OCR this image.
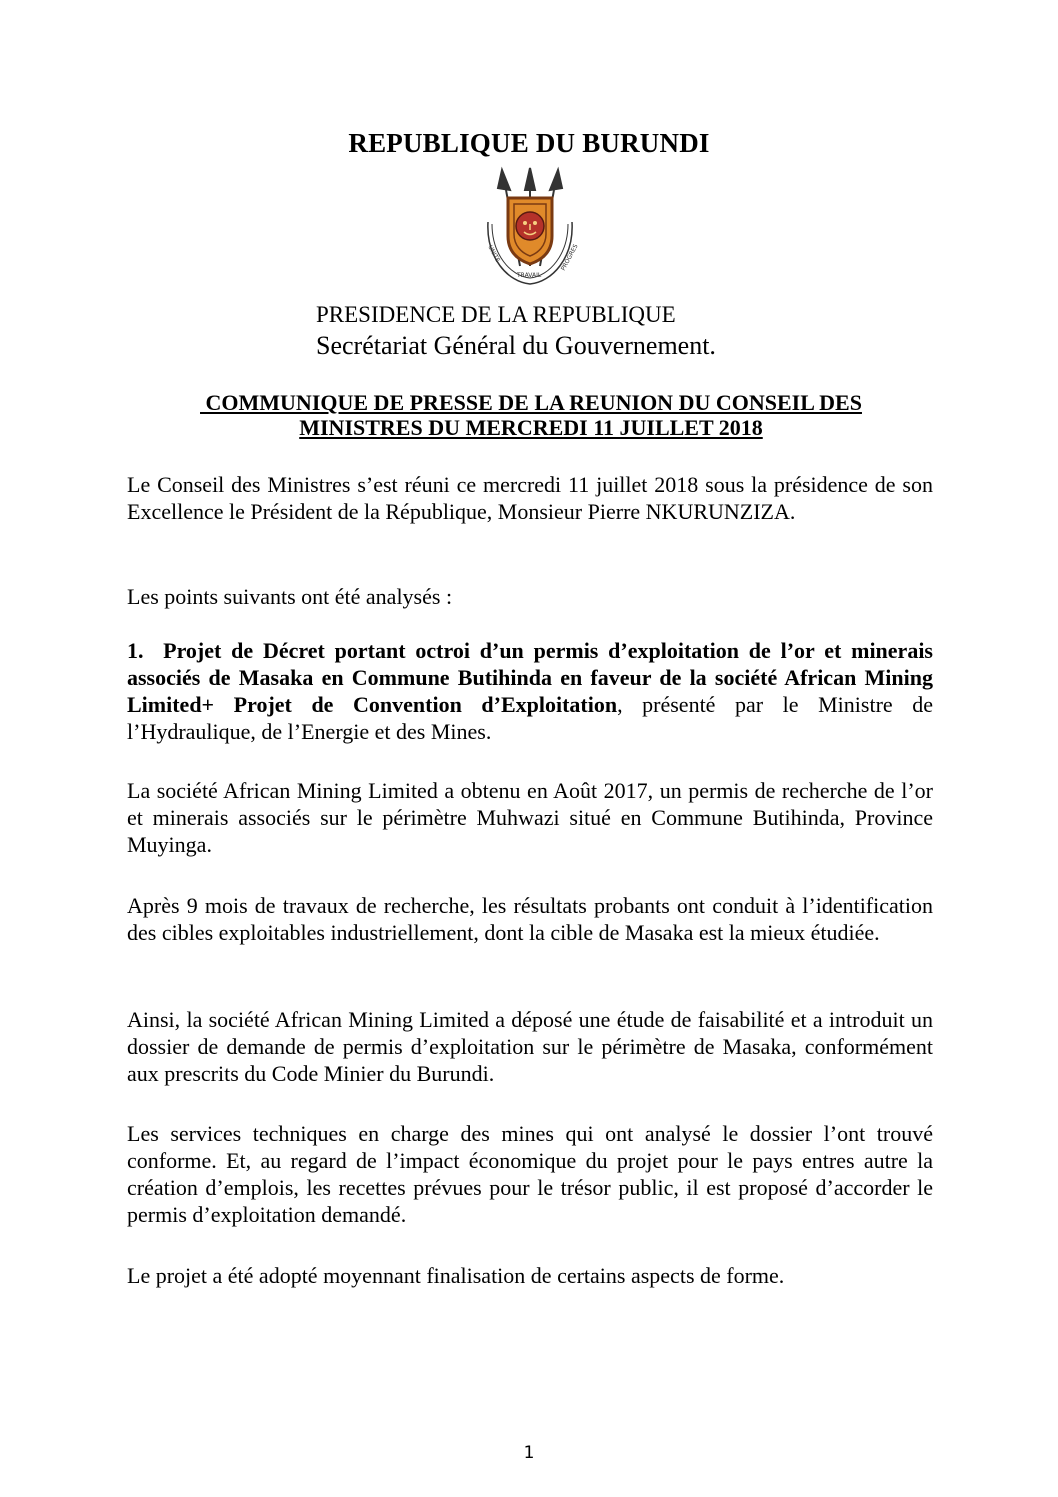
REPUBLIQUE DU BURUNDI
UNITE
TRAVAIL
PROGRES
PRESIDENCE DE LA REPUBLIQUE
Secrétariat Général du Gouvernement.
COMMUNIQUE DE PRESSE DE LA REUNION DU CONSEIL DES
MINISTRES DU MERCREDI 11 JUILLET 2018
Le Conseil des Ministres s’est réuni ce mercredi 11 juillet 2018 sous la présidence de son Excellence le Président de la République, Monsieur Pierre NKURUNZIZA.
Les points suivants ont été analysés :
1.  Projet de Décret portant octroi d’un permis d’exploitation de l’or et minerais associés de Masaka en Commune Butihinda en faveur de la société African Mining Limited+ Projet de Convention d’Exploitation, présenté par le Ministre de l’Hydraulique, de l’Energie et des Mines.
La société African Mining Limited a obtenu en Août 2017, un permis de recherche de l’or et minerais associés sur le périmètre Muhwazi situé en Commune Butihinda, Province Muyinga.
Après 9 mois de travaux de recherche, les résultats probants ont conduit à l’identification des cibles exploitables industriellement, dont la cible de Masaka est la mieux étudiée.
Ainsi, la société African Mining Limited a déposé une étude de faisabilité et a introduit un dossier de demande de permis d’exploitation sur le périmètre de Masaka, conformément aux prescrits du Code Minier du Burundi.
Les services techniques en charge des mines qui ont analysé le dossier l’ont trouvé conforme. Et, au regard de l’impact économique du projet pour le pays entres autre la création d’emplois, les recettes prévues pour le trésor public, il est proposé d’accorder le permis d’exploitation demandé.
Le projet a été adopté moyennant finalisation de certains aspects de forme.
1
